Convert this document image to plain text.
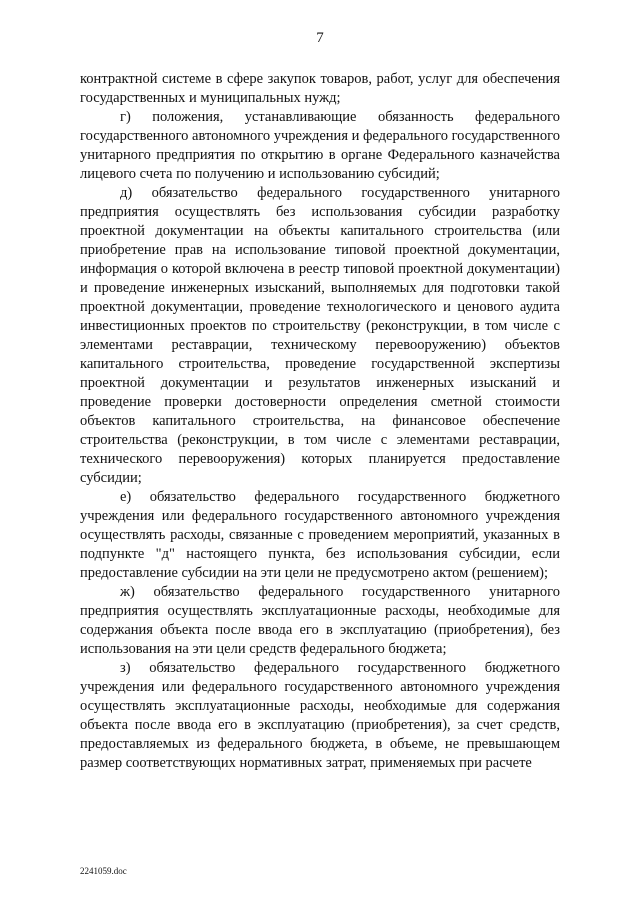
7

контрактной системе в сфере закупок товаров, работ, услуг для обеспечения государственных и муниципальных нужд;

г) положения, устанавливающие обязанность федерального государственного автономного учреждения и федерального государственного унитарного предприятия по открытию в органе Федерального казначейства лицевого счета по получению и использованию субсидий;

д) обязательство федерального государственного унитарного предприятия осуществлять без использования субсидии разработку проектной документации на объекты капитального строительства (или приобретение прав на использование типовой проектной документации, информация о которой включена в реестр типовой проектной документации) и проведение инженерных изысканий, выполняемых для подготовки такой проектной документации, проведение технологического и ценового аудита инвестиционных проектов по строительству (реконструкции, в том числе с элементами реставрации, техническому перевооружению) объектов капитального строительства, проведение государственной экспертизы проектной документации и результатов инженерных изысканий и проведение проверки достоверности определения сметной стоимости объектов капитального строительства, на финансовое обеспечение строительства (реконструкции, в том числе с элементами реставрации, технического перевооружения) которых планируется предоставление субсидии;

е) обязательство федерального государственного бюджетного учреждения или федерального государственного автономного учреждения осуществлять расходы, связанные с проведением мероприятий, указанных в подпункте "д" настоящего пункта, без использования субсидии, если предоставление субсидии на эти цели не предусмотрено актом (решением);

ж) обязательство федерального государственного унитарного предприятия осуществлять эксплуатационные расходы, необходимые для содержания объекта после ввода его в эксплуатацию (приобретения), без использования на эти цели средств федерального бюджета;

з) обязательство федерального государственного бюджетного учреждения или федерального государственного автономного учреждения осуществлять эксплуатационные расходы, необходимые для содержания объекта после ввода его в эксплуатацию (приобретения), за счет средств, предоставляемых из федерального бюджета, в объеме, не превышающем размер соответствующих нормативных затрат, применяемых при расчете

2241059.doc
